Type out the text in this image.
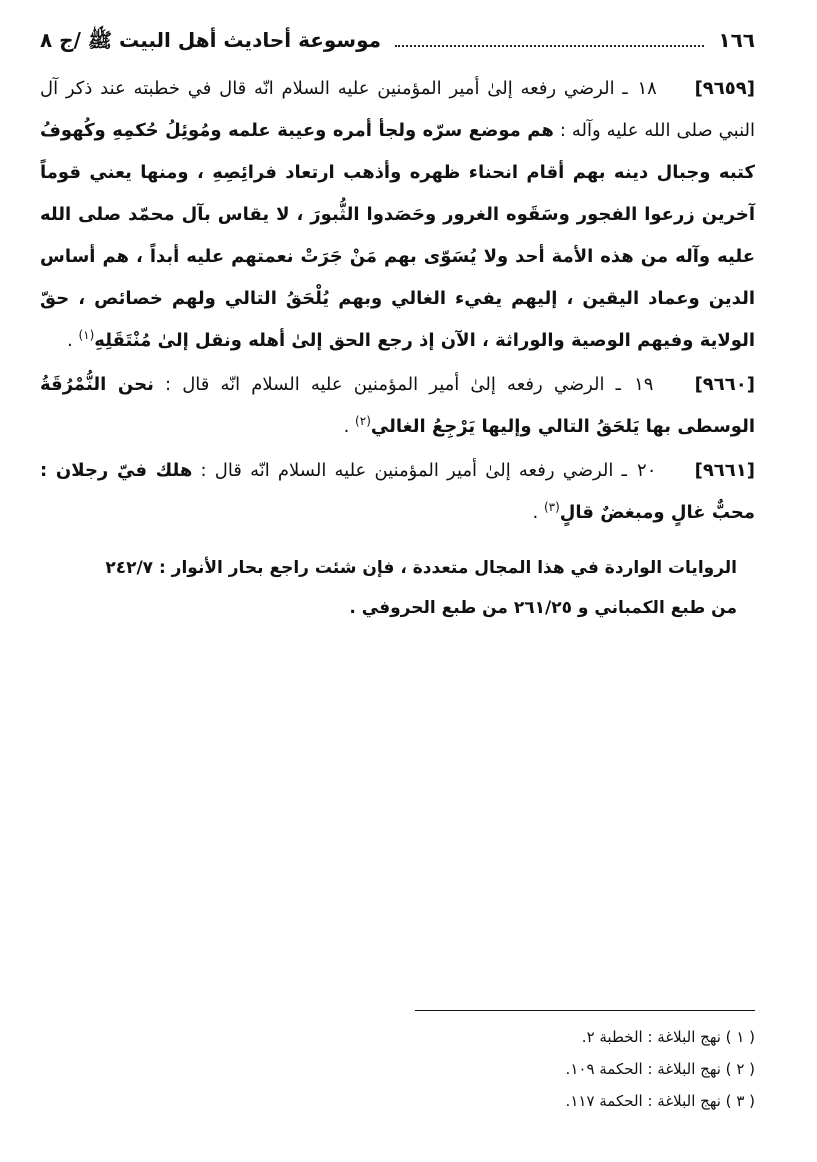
١٦٦
موسوعة أحاديث أهل البيت ﷺ /ج ٨

[٩٦٥٩] ١٨ ـ الرضي رفعه إلىٰ أمير المؤمنين عليه السلام انّه قال في خطبته عند ذكر آل النبي صلى الله عليه وآله : هم موضع سرّه ولجأ أمره وعيبة علمه ومُوئِلُ حُكمِهِ وكُهوفُ كتبه وجبال دينه بهم أقام انحناء ظهره وأذهب ارتعاد فرائِصِهِ ، ومنها يعني قوماً آخرين زرعوا الفجور وسَقَوه الغرور وحَصَدوا الثُّبورَ ، لا يقاس بآل محمّد صلى الله عليه وآله من هذه الأمة أحد ولا يُسَوّى بهم مَنْ جَرَتْ نعمتهم عليه أبداً ، هم أساس الدين وعماد اليقين ، إليهم يفيء الغالي وبهم يُلْحَقُ التالي ولهم خصائص ، حقّ الولاية وفيهم الوصية والوراثة ، الآن إذ رجع الحق إلىٰ أهله ونقل إلىٰ مُنْتَقَلِهِ$^{(١)}$ .

[٩٦٦٠] ١٩ ـ الرضي رفعه إلىٰ أمير المؤمنين عليه السلام انّه قال : نحن النُّمْرُقَةُ الوسطى بها يَلحَقُ التالي وإليها يَرْجِعُ الغالي$^{(٢)}$ .

[٩٦٦١] ٢٠ ـ الرضي رفعه إلىٰ أمير المؤمنين عليه السلام انّه قال : هلك فيّ رجلان : محبٌّ غالٍ ومبغضٌ قالٍ$^{(٣)}$ .

الروايات الواردة في هذا المجال متعددة ، فإن شئت راجع بحار الأنوار : ٢٤٢/٧
من طبع الكمباني و ٢٦١/٢٥ من طبع الحروفي .
( ١ ) نهج البلاغة : الخطبة ٢.
( ٢ ) نهج البلاغة : الحكمة ١٠٩.
( ٣ ) نهج البلاغة : الحكمة ١١٧.
